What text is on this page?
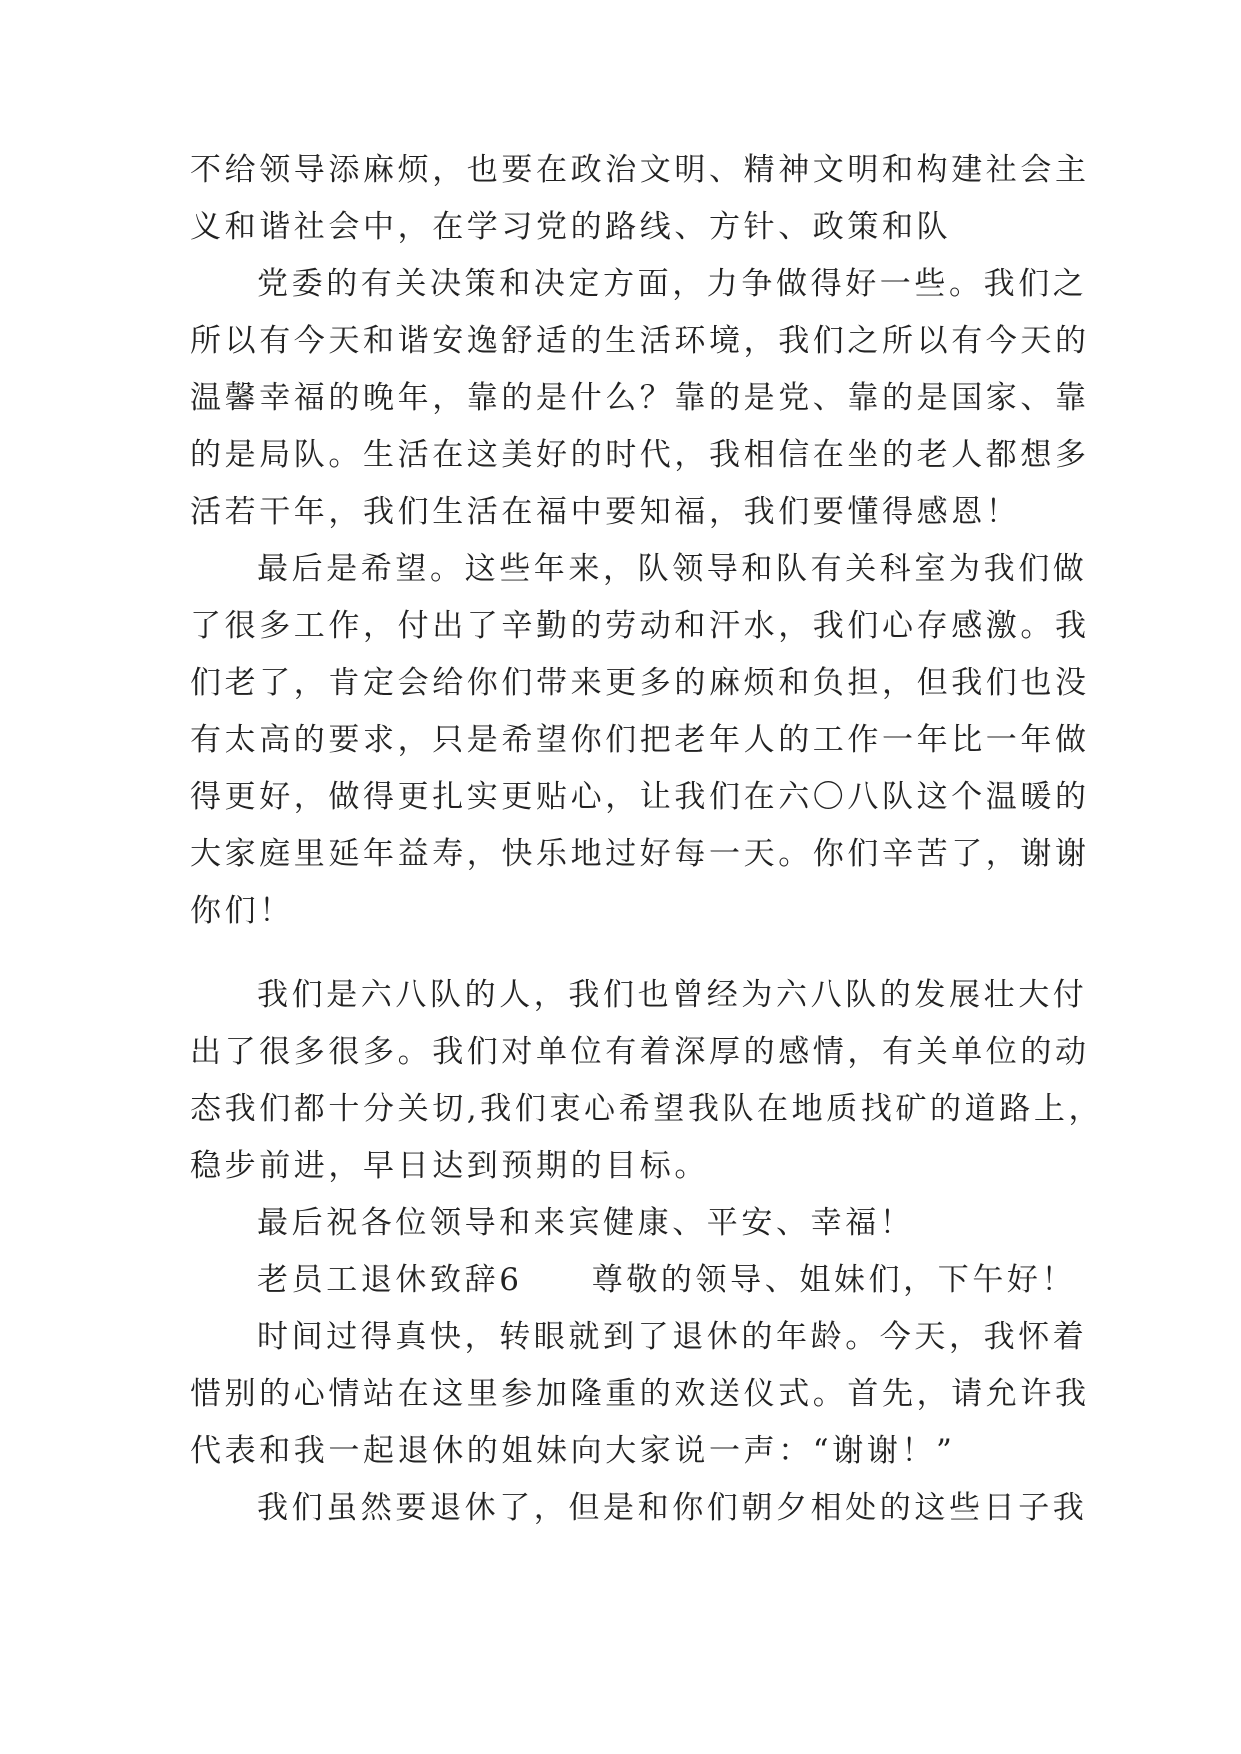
不给领导添麻烦，也要在政治文明、精神文明和构建社会主
义和谐社会中，在学习党的路线、方针、政策和队
党委的有关决策和决定方面，力争做得好一些。我们之
所以有今天和谐安逸舒适的生活环境，我们之所以有今天的
温馨幸福的晚年，靠的是什么？靠的是党、靠的是国家、靠
的是局队。生活在这美好的时代，我相信在坐的老人都想多
活若干年，我们生活在福中要知福，我们要懂得感恩！
最后是希望。这些年来，队领导和队有关科室为我们做
了很多工作，付出了辛勤的劳动和汗水，我们心存感激。我
们老了，肯定会给你们带来更多的麻烦和负担，但我们也没
有太高的要求，只是希望你们把老年人的工作一年比一年做
得更好，做得更扎实更贴心，让我们在六〇八队这个温暖的
大家庭里延年益寿，快乐地过好每一天。你们辛苦了，谢谢
你们！
我们是六八队的人，我们也曾经为六八队的发展壮大付
出了很多很多。我们对单位有着深厚的感情，有关单位的动
态我们都十分关切,我们衷心希望我队在地质找矿的道路上，
稳步前进，早日达到预期的目标。
最后祝各位领导和来宾健康、平安、幸福！
老员工退休致辞6　　尊敬的领导、姐妹们，下午好！
时间过得真快，转眼就到了退休的年龄。今天，我怀着
惜别的心情站在这里参加隆重的欢送仪式。首先，请允许我
代表和我一起退休的姐妹向大家说一声：“谢谢！”
我们虽然要退休了，但是和你们朝夕相处的这些日子我
